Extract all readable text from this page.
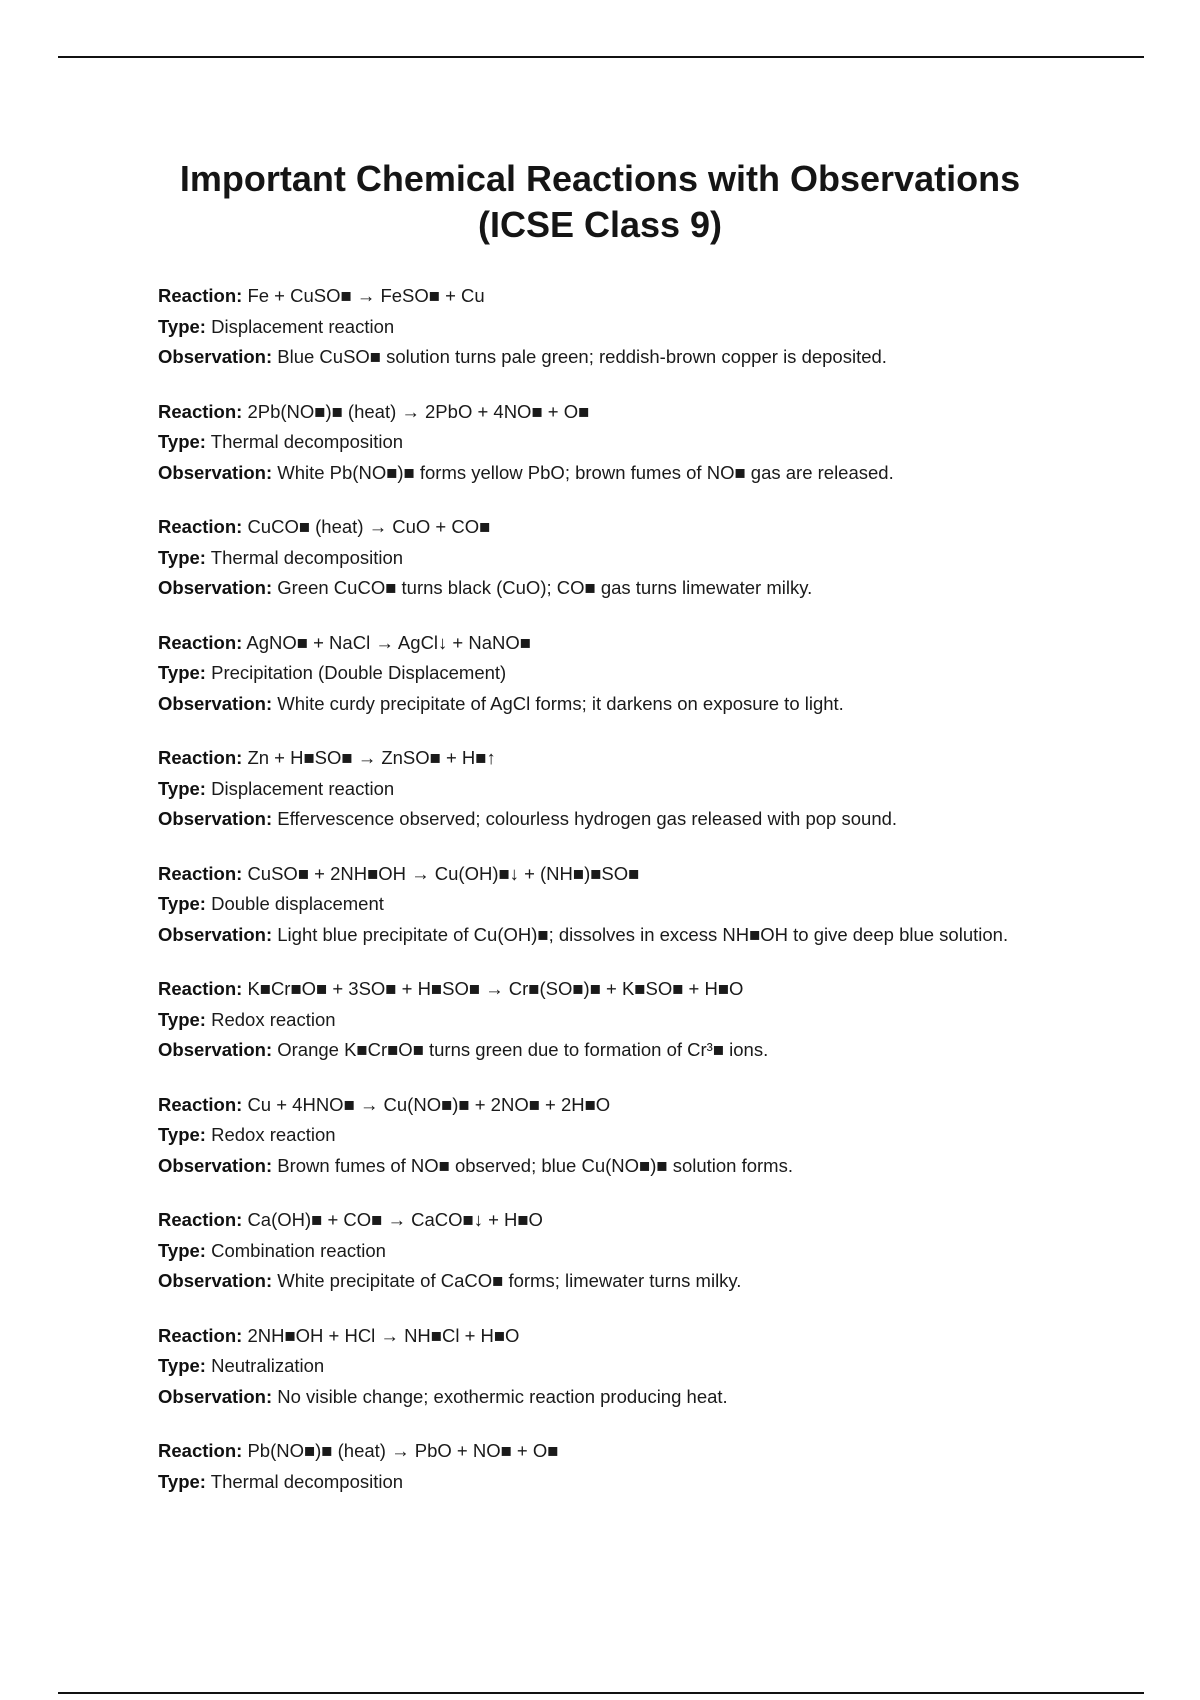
Important Chemical Reactions with Observations
(ICSE Class 9)

Reaction: Fe + CuSO■ → FeSO■ + Cu

Type: Displacement reaction

Observation: Blue CuSO■ solution turns pale green; reddish-brown copper is deposited.

Reaction: 2Pb(NO■)■ (heat) → 2PbO + 4NO■ + O■

Type: Thermal decomposition

Observation: White Pb(NO■)■ forms yellow PbO; brown fumes of NO■ gas are released.

Reaction: CuCO■ (heat) → CuO + CO■

Type: Thermal decomposition

Observation: Green CuCO■ turns black (CuO); CO■ gas turns limewater milky.

Reaction: AgNO■ + NaCl → AgCl↓ + NaNO■

Type: Precipitation (Double Displacement)

Observation: White curdy precipitate of AgCl forms; it darkens on exposure to light.

Reaction: Zn + H■SO■ → ZnSO■ + H■↑

Type: Displacement reaction

Observation: Effervescence observed; colourless hydrogen gas released with pop sound.

Reaction: CuSO■ + 2NH■OH → Cu(OH)■↓ + (NH■)■SO■

Type: Double displacement

Observation: Light blue precipitate of Cu(OH)■; dissolves in excess NH■OH to give deep blue solution.

Reaction: K■Cr■O■ + 3SO■ + H■SO■ → Cr■(SO■)■ + K■SO■ + H■O

Type: Redox reaction

Observation: Orange K■Cr■O■ turns green due to formation of Cr³■ ions.

Reaction: Cu + 4HNO■ → Cu(NO■)■ + 2NO■ + 2H■O

Type: Redox reaction

Observation: Brown fumes of NO■ observed; blue Cu(NO■)■ solution forms.

Reaction: Ca(OH)■ + CO■ → CaCO■↓ + H■O

Type: Combination reaction

Observation: White precipitate of CaCO■ forms; limewater turns milky.

Reaction: 2NH■OH + HCl → NH■Cl + H■O

Type: Neutralization

Observation: No visible change; exothermic reaction producing heat.

Reaction: Pb(NO■)■ (heat) → PbO + NO■ + O■

Type: Thermal decomposition
